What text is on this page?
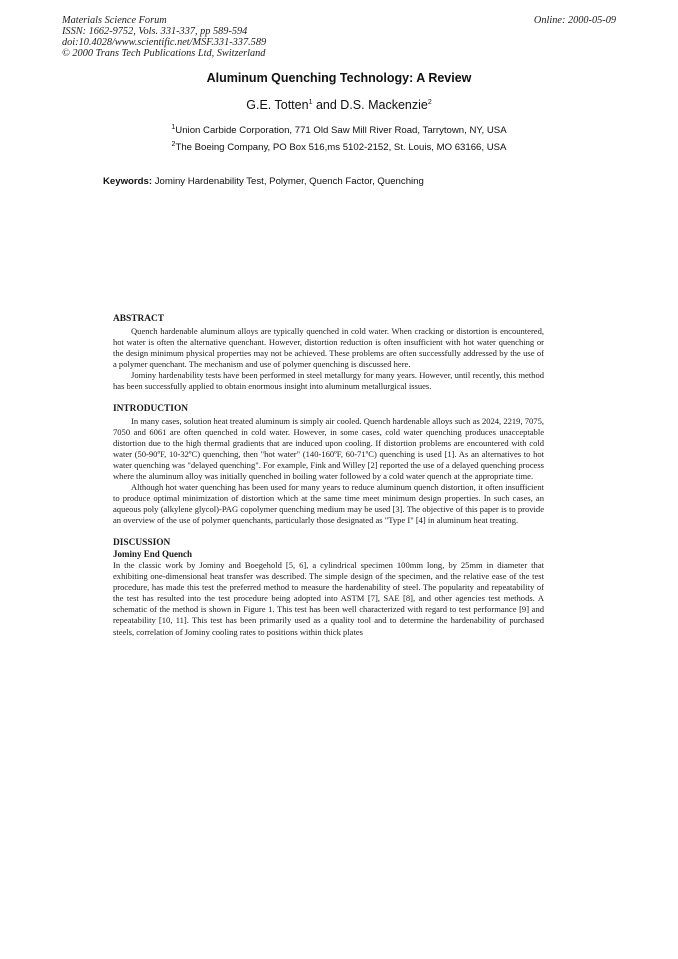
Materials Science Forum
ISSN: 1662-9752, Vols. 331-337, pp 589-594
doi:10.4028/www.scientific.net/MSF.331-337.589
© 2000 Trans Tech Publications Ltd, Switzerland
Online: 2000-05-09
Aluminum Quenching Technology: A Review
G.E. Totten$^1$ and D.S. Mackenzie$^2$
$^1$Union Carbide Corporation, 771 Old Saw Mill River Road, Tarrytown, NY, USA
$^2$The Boeing Company, PO Box 516,ms 5102-2152, St. Louis, MO 63166, USA
Keywords: Jominy Hardenability Test, Polymer, Quench Factor, Quenching
ABSTRACT

Quench hardenable aluminum alloys are typically quenched in cold water. When cracking or distortion is encountered, hot water is often the alternative quenchant. However, distortion reduction is often insufficient with hot water quenching or the design minimum physical properties may not be achieved. These problems are often successfully addressed by the use of a polymer quenchant. The mechanism and use of polymer quenching is discussed here.

Jominy hardenability tests have been performed in steel metallurgy for many years. However, until recently, this method has been successfully applied to obtain enormous insight into aluminum metallurgical issues.

INTRODUCTION

In many cases, solution heat treated aluminum is simply air cooled. Quench hardenable alloys such as 2024, 2219, 7075, 7050 and 6061 are often quenched in cold water. However, in some cases, cold water quenching produces unacceptable distortion due to the high thermal gradients that are induced upon cooling. If distortion problems are encountered with cold water (50-90ºF, 10-32ºC) quenching, then "hot water" (140-160ºF, 60-71ºC) quenching is used [1]. As an alternatives to hot water quenching was "delayed quenching". For example, Fink and Willey [2] reported the use of a delayed quenching process where the aluminum alloy was initially quenched in boiling water followed by a cold water quench at the appropriate time.

Although hot water quenching has been used for many years to reduce aluminum quench distortion, it often insufficient to produce optimal minimization of distortion which at the same time meet minimum design properties. In such cases, an aqueous poly (alkylene glycol)-PAG copolymer quenching medium may be used [3]. The objective of this paper is to provide an overview of the use of polymer quenchants, particularly those designated as "Type I" [4] in aluminum heat treating.

DISCUSSION
Jominy End Quench

In the classic work by Jominy and Boegehold [5, 6], a cylindrical specimen 100mm long, by 25mm in diameter that exhibiting one-dimensional heat transfer was described. The simple design of the specimen, and the relative ease of the test procedure, has made this test the preferred method to measure the hardenability of steel. The popularity and repeatability of the test has resulted into the test procedure being adopted into ASTM [7], SAE [8], and other agencies test methods. A schematic of the method is shown in Figure 1. This test has been well characterized with regard to test performance [9] and repeatability [10, 11]. This test has been primarily used as a quality tool and to determine the hardenability of purchased steels, correlation of Jominy cooling rates to positions within thick plates
